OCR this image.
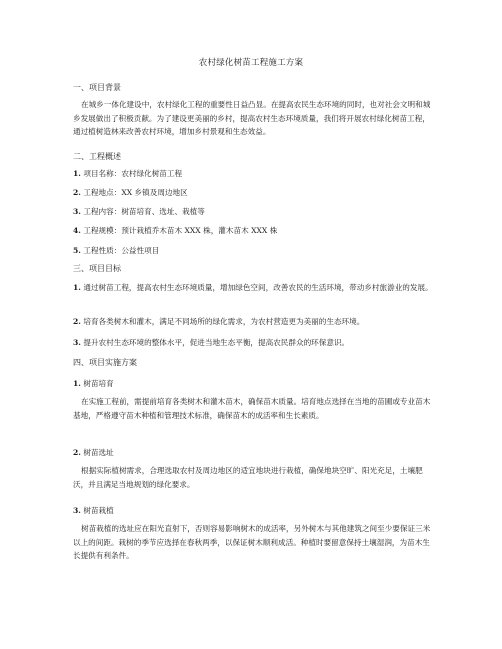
农村绿化树苗工程施工方案
一、项目背景
在城乡一体化建设中，农村绿化工程的重要性日益凸显。在提高农民生态环境的同时，也对社会文明和城乡发展做出了积极贡献。为了建设更美丽的乡村，提高农村生态环境质量，我们将开展农村绿化树苗工程，通过植树造林来改善农村环境，增加乡村景观和生态效益。
二、工程概述
1. 项目名称：农村绿化树苗工程
2. 工程地点：XX 乡镇及周边地区
3. 工程内容：树苗培育、选址、栽植等
4. 工程规模：预计栽植乔木苗木 XXX 株，灌木苗木 XXX 株
5. 工程性质：公益性项目
三、项目目标
1. 通过树苗工程，提高农村生态环境质量，增加绿色空间，改善农民的生活环境，带动乡村旅游业的发展。
2. 培育各类树木和灌木，满足不同场所的绿化需求，为农村营造更为美丽的生态环境。
3. 提升农村生态环境的整体水平，促进当地生态平衡，提高农民群众的环保意识。
四、项目实施方案
1. 树苗培育
在实施工程前，需提前培育各类树木和灌木苗木，确保苗木质量。培育地点选择在当地的苗圃或专业苗木基地，严格遵守苗木种植和管理技术标准，确保苗木的成活率和生长素质。
2. 树苗选址
根据实际植树需求，合理选取农村及周边地区的适宜地块进行栽植，确保地块空旷、阳光充足，土壤肥沃，并且满足当地规划的绿化要求。
3. 树苗栽植
树苗栽植的选址应在阳光直射下，否则容易影响树木的成活率，另外树木与其他建筑之间至少要保证三米以上的间距。栽树的季节应选择在春秋两季，以保证树木顺利成活。种植时要留意保持土壤湿润，为苗木生长提供有利条件。
